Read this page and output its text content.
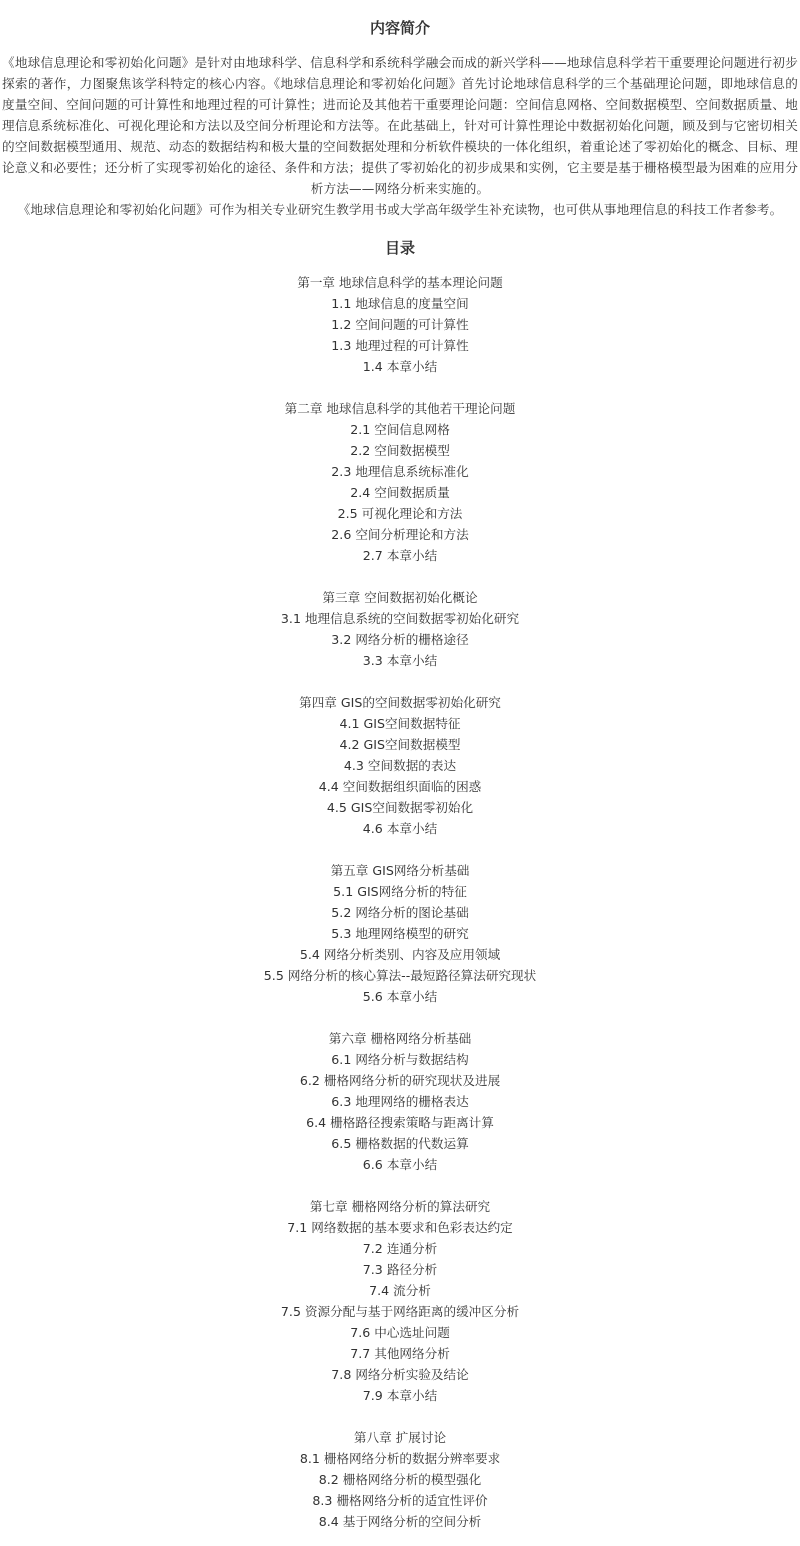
内容简介

《地球信息理论和零初始化问题》是针对由地球科学、信息科学和系统科学融会而成的新兴学科——地球信息科学若干重要理论问题进行初步探索的著作，力图聚焦该学科特定的核心内容。《地球信息理论和零初始化问题》首先讨论地球信息科学的三个基础理论问题，即地球信息的度量空间、空间问题的可计算性和地理过程的可计算性；进而论及其他若干重要理论问题：空间信息网格、空间数据模型、空间数据质量、地理信息系统标准化、可视化理论和方法以及空间分析理论和方法等。在此基础上，针对可计算性理论中数据初始化问题，顾及到与它密切相关的空间数据模型通用、规范、动态的数据结构和极大量的空间数据处理和分析软件模块的一体化组织，着重论述了零初始化的概念、目标、理论意义和必要性；还分析了实现零初始化的途径、条件和方法；提供了零初始化的初步成果和实例，它主要是基于栅格模型最为困难的应用分析方法——网络分析来实施的。

《地球信息理论和零初始化问题》可作为相关专业研究生教学用书或大学高年级学生补充读物，也可供从事地理信息的科技工作者参考。

目录
第一章 地球信息科学的基本理论问题
1.1 地球信息的度量空间
1.2 空间问题的可计算性
1.3 地理过程的可计算性
1.4 本章小结
第二章 地球信息科学的其他若干理论问题
2.1 空间信息网格
2.2 空间数据模型
2.3 地理信息系统标准化
2.4 空间数据质量
2.5 可视化理论和方法
2.6 空间分析理论和方法
2.7 本章小结
第三章 空间数据初始化概论
3.1 地理信息系统的空间数据零初始化研究
3.2 网络分析的栅格途径
3.3 本章小结
第四章 GIS的空间数据零初始化研究
4.1 GIS空间数据特征
4.2 GIS空间数据模型
4.3 空间数据的表达
4.4 空间数据组织面临的困惑
4.5 GIS空间数据零初始化
4.6 本章小结
第五章 GIS网络分析基础
5.1 GIS网络分析的特征
5.2 网络分析的图论基础
5.3 地理网络模型的研究
5.4 网络分析类别、内容及应用领域
5.5 网络分析的核心算法--最短路径算法研究现状
5.6 本章小结
第六章 栅格网络分析基础
6.1 网络分析与数据结构
6.2 栅格网络分析的研究现状及进展
6.3 地理网络的栅格表达
6.4 栅格路径搜索策略与距离计算
6.5 栅格数据的代数运算
6.6 本章小结
第七章 栅格网络分析的算法研究
7.1 网络数据的基本要求和色彩表达约定
7.2 连通分析
7.3 路径分析
7.4 流分析
7.5 资源分配与基于网络距离的缓冲区分析
7.6 中心选址问题
7.7 其他网络分析
7.8 网络分析实验及结论
7.9 本章小结
第八章 扩展讨论
8.1 栅格网络分析的数据分辨率要求
8.2 栅格网络分析的模型强化
8.3 栅格网络分析的适宜性评价
8.4 基于网络分析的空间分析
